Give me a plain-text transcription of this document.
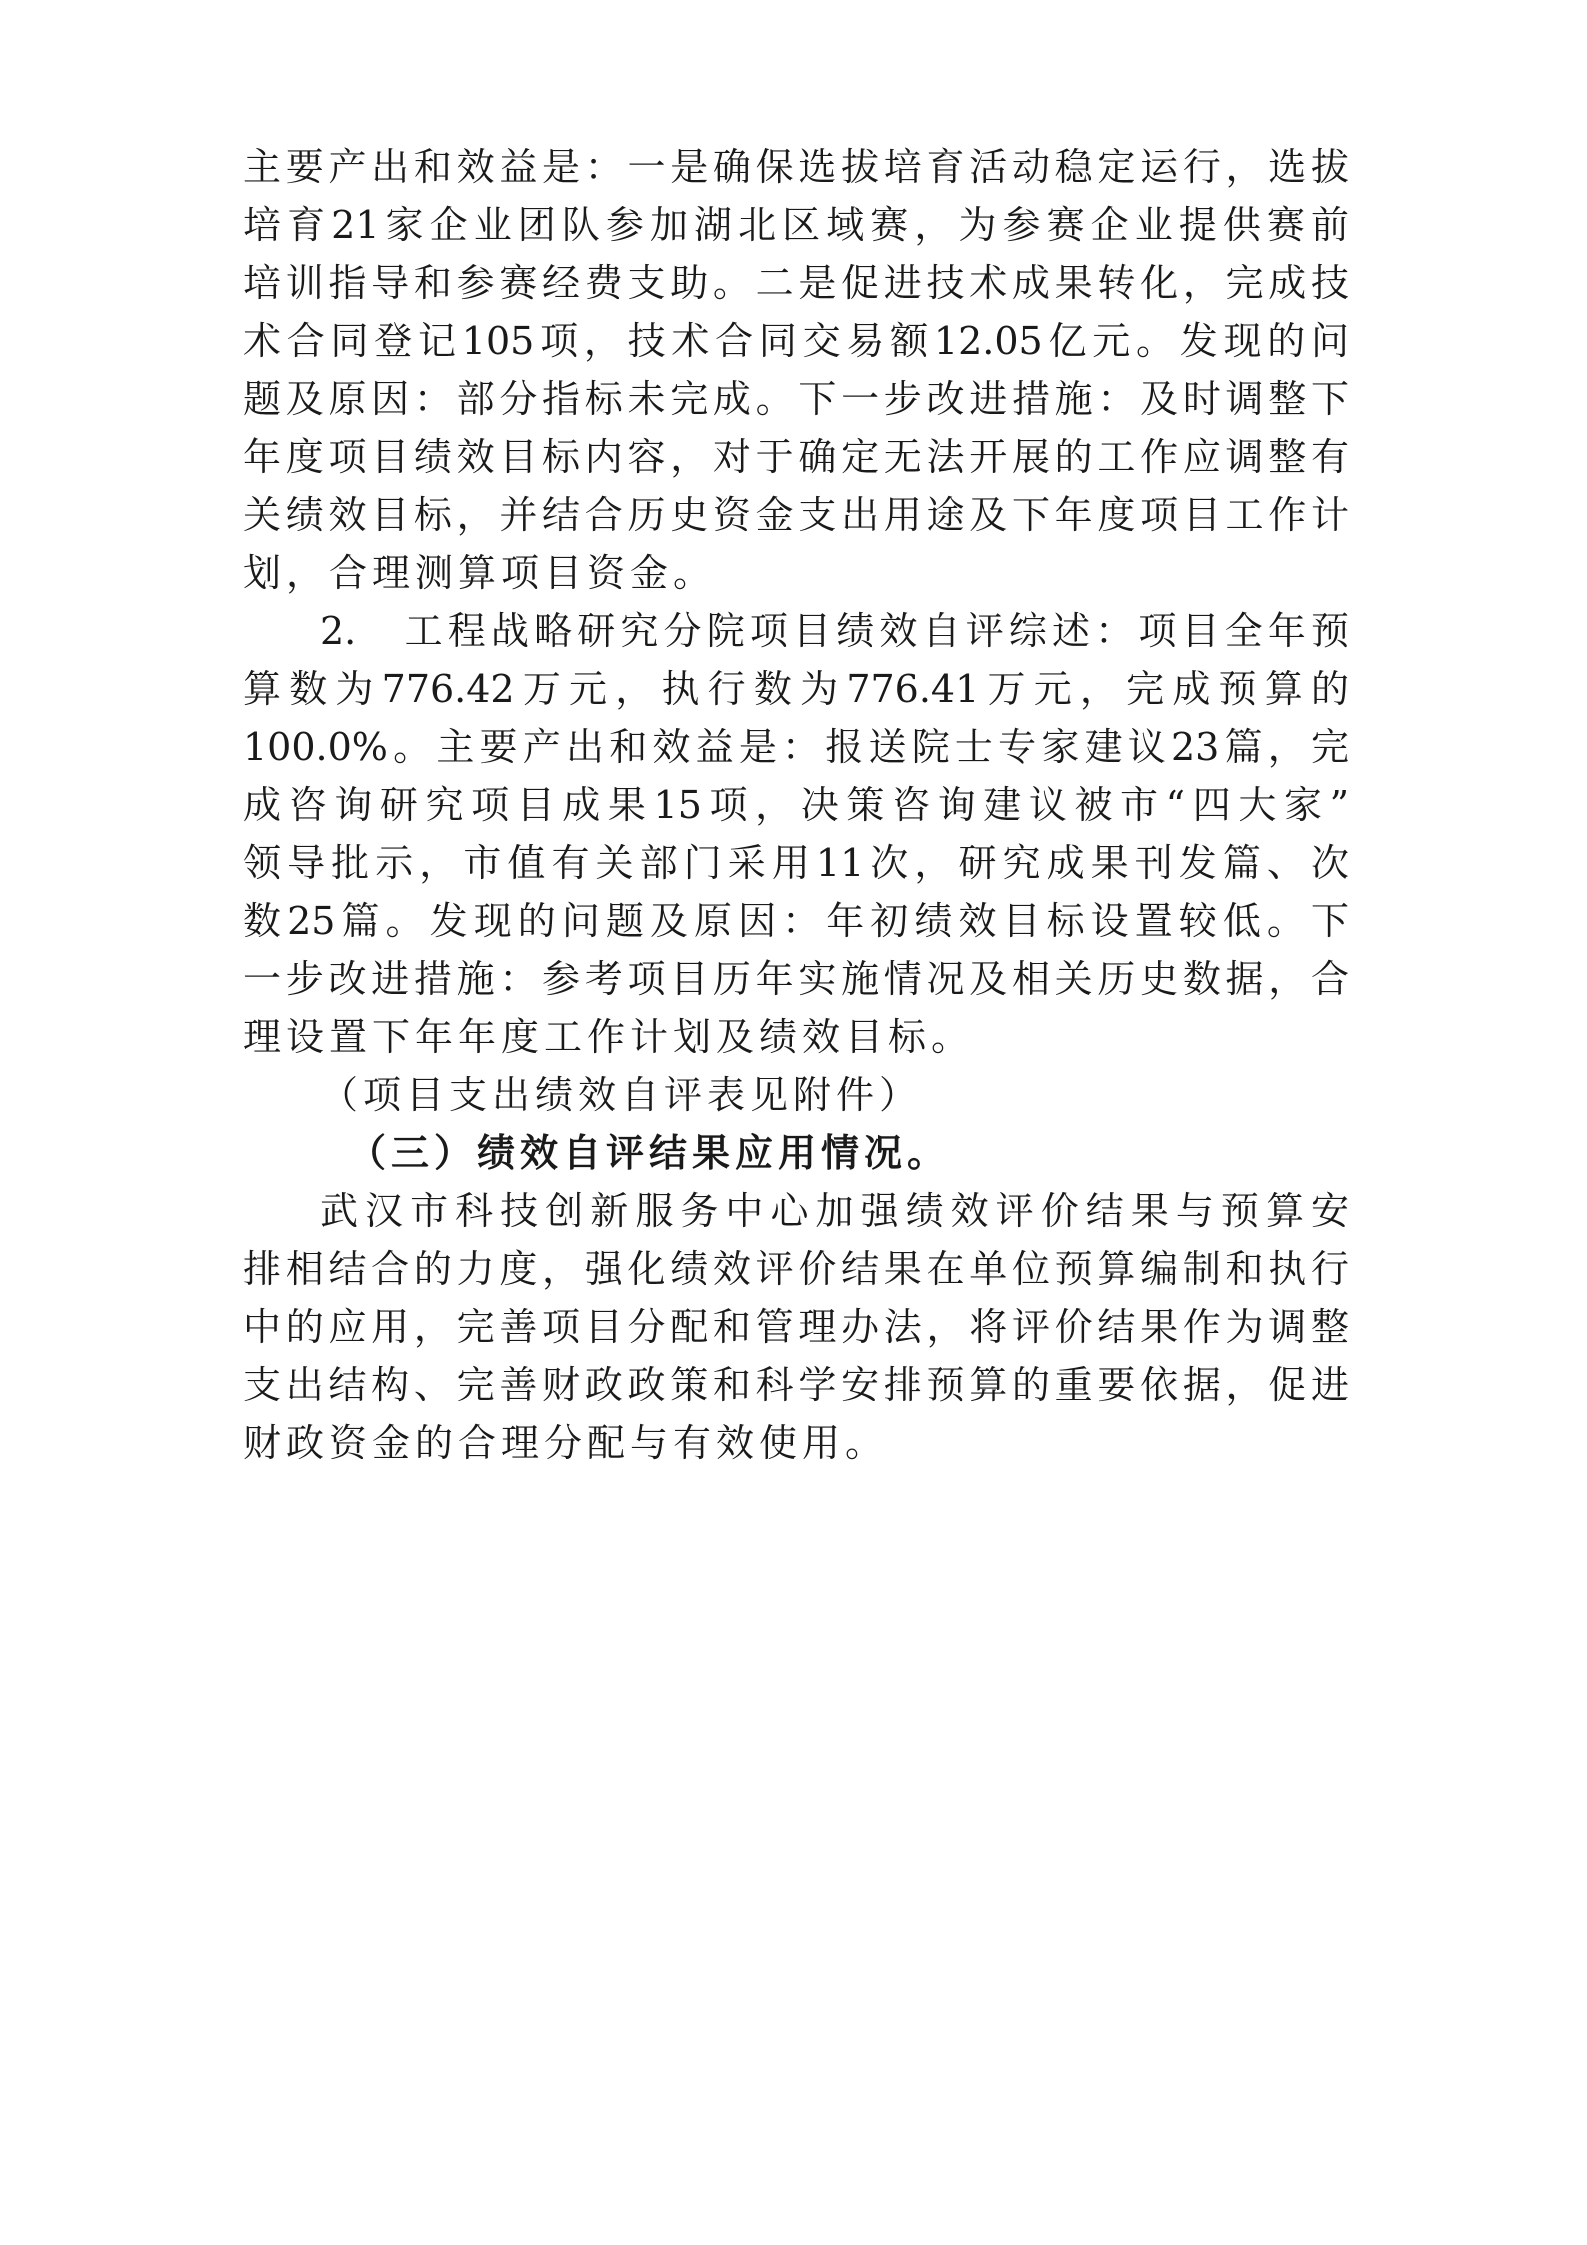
主要产出和效益是：一是确保选拔培育活动稳定运行，选拔
培育21家企业团队参加湖北区域赛，为参赛企业提供赛前
培训指导和参赛经费支助。二是促进技术成果转化，完成技
术合同登记105项，技术合同交易额12.05亿元。发现的问
题及原因：部分指标未完成。下一步改进措施：及时调整下
年度项目绩效目标内容，对于确定无法开展的工作应调整有
关绩效目标，并结合历史资金支出用途及下年度项目工作计
划，合理测算项目资金。
2.　工程战略研究分院项目绩效自评综述：项目全年预
算数为776.42万元，执行数为776.41万元，完成预算的
100.0%。主要产出和效益是：报送院士专家建议23篇，完
成咨询研究项目成果15项，决策咨询建议被市“四大家”
领导批示，市值有关部门采用11次，研究成果刊发篇、次
数25篇。发现的问题及原因：年初绩效目标设置较低。下
一步改进措施：参考项目历年实施情况及相关历史数据，合
理设置下年年度工作计划及绩效目标。
（项目支出绩效自评表见附件）
（三）绩效自评结果应用情况。
武汉市科技创新服务中心加强绩效评价结果与预算安
排相结合的力度，强化绩效评价结果在单位预算编制和执行
中的应用，完善项目分配和管理办法，将评价结果作为调整
支出结构、完善财政政策和科学安排预算的重要依据，促进
财政资金的合理分配与有效使用。
